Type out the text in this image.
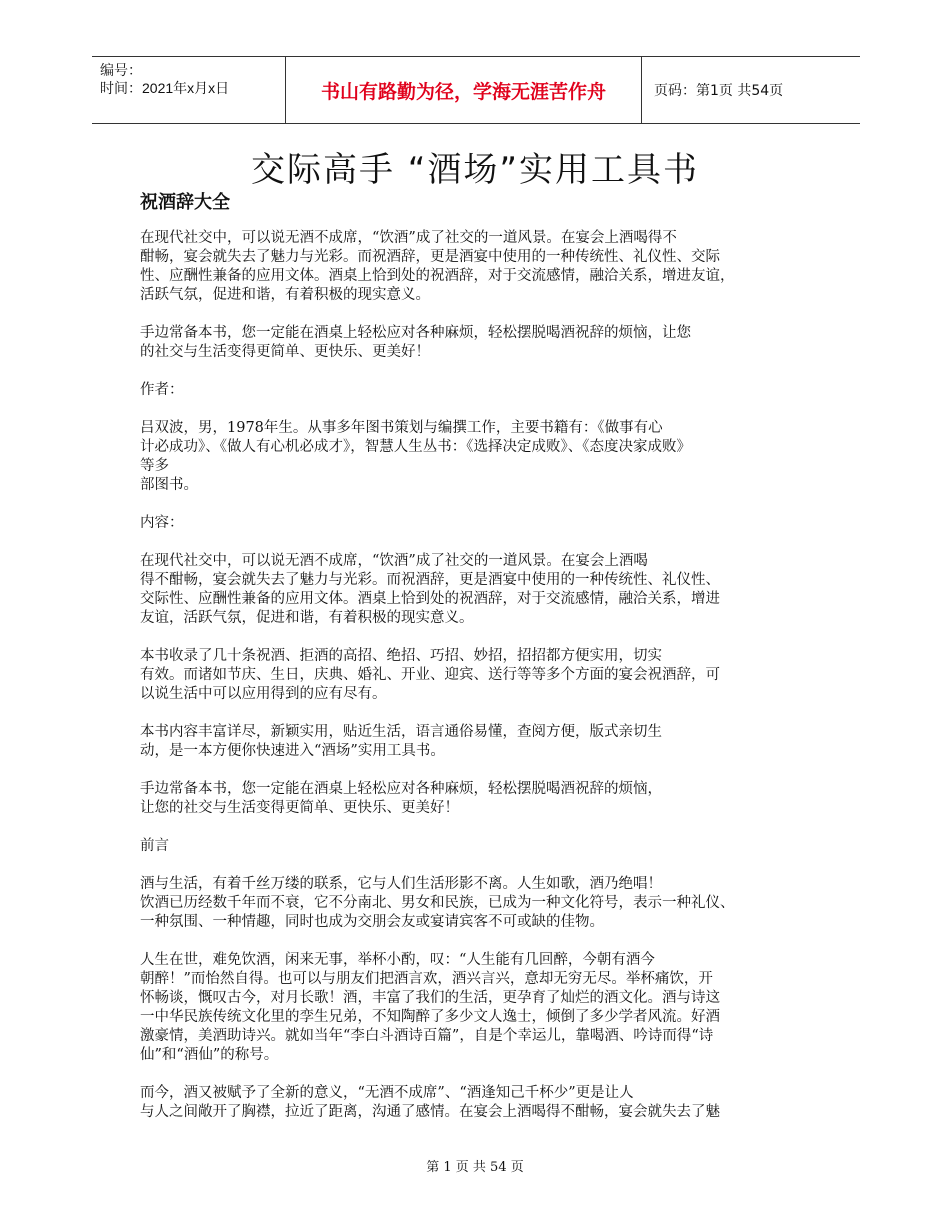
编号：
时间：2021年x月x日	书山有路勤为径，学海无涯苦作舟	页码：第1页 共54页
交际高手 “酒场”实用工具书
祝酒辞大全

在现代社交中，可以说无酒不成席，“饮酒”成了社交的一道风景。在宴会上酒喝得不
酣畅，宴会就失去了魅力与光彩。而祝酒辞，更是酒宴中使用的一种传统性、礼仪性、交际
性、应酬性兼备的应用文体。酒桌上恰到处的祝酒辞，对于交流感情，融洽关系，增进友谊，
活跃气氛，促进和谐，有着积极的现实意义。

手边常备本书，您一定能在酒桌上轻松应对各种麻烦，轻松摆脱喝酒祝辞的烦恼，让您
的社交与生活变得更简单、更快乐、更美好！

作者：

吕双波，男，1978年生。从事多年图书策划与编撰工作，主要书籍有：《做事有心
计必成功》、《做人有心机必成才》，智慧人生丛书：《选择决定成败》、《态度决家成败》
等多
部图书。

内容：

在现代社交中，可以说无酒不成席，“饮酒”成了社交的一道风景。在宴会上酒喝
得不酣畅，宴会就失去了魅力与光彩。而祝酒辞，更是酒宴中使用的一种传统性、礼仪性、
交际性、应酬性兼备的应用文体。酒桌上恰到处的祝酒辞，对于交流感情，融洽关系，增进
友谊，活跃气氛，促进和谐，有着积极的现实意义。

本书收录了几十条祝酒、拒酒的高招、绝招、巧招、妙招，招招都方便实用，切实
有效。而诸如节庆、生日，庆典、婚礼、开业、迎宾、送行等等多个方面的宴会祝酒辞，可
以说生活中可以应用得到的应有尽有。

本书内容丰富详尽，新颖实用，贴近生活，语言通俗易懂，查阅方便，版式亲切生
动，是一本方便你快速进入“酒场”实用工具书。

手边常备本书，您一定能在酒桌上轻松应对各种麻烦，轻松摆脱喝酒祝辞的烦恼，
让您的社交与生活变得更简单、更快乐、更美好！

前言

酒与生活，有着千丝万缕的联系，它与人们生活形影不离。人生如歌，酒乃绝唱！
饮酒已历经数千年而不衰，它不分南北、男女和民族，已成为一种文化符号，表示一种礼仪、
一种氛围、一种情趣，同时也成为交朋会友或宴请宾客不可或缺的佳物。

人生在世，难免饮酒，闲来无事，举杯小酌，叹：“人生能有几回醉，今朝有酒今
朝醉！”而怡然自得。也可以与朋友们把酒言欢，酒兴言兴，意却无穷无尽。举杯痛饮，开
怀畅谈，慨叹古今，对月长歌！酒，丰富了我们的生活，更孕育了灿烂的酒文化。酒与诗这
一中华民族传统文化里的孪生兄弟，不知陶醉了多少文人逸士，倾倒了多少学者风流。好酒
激豪情，美酒助诗兴。就如当年“李白斗酒诗百篇”，自是个幸运儿，靠喝酒、吟诗而得“诗
仙”和“酒仙”的称号。

而今，酒又被赋予了全新的意义，“无酒不成席”、“酒逢知己千杯少”更是让人
与人之间敞开了胸襟，拉近了距离，沟通了感情。在宴会上酒喝得不酣畅，宴会就失去了魅

第 1 页 共 54 页
